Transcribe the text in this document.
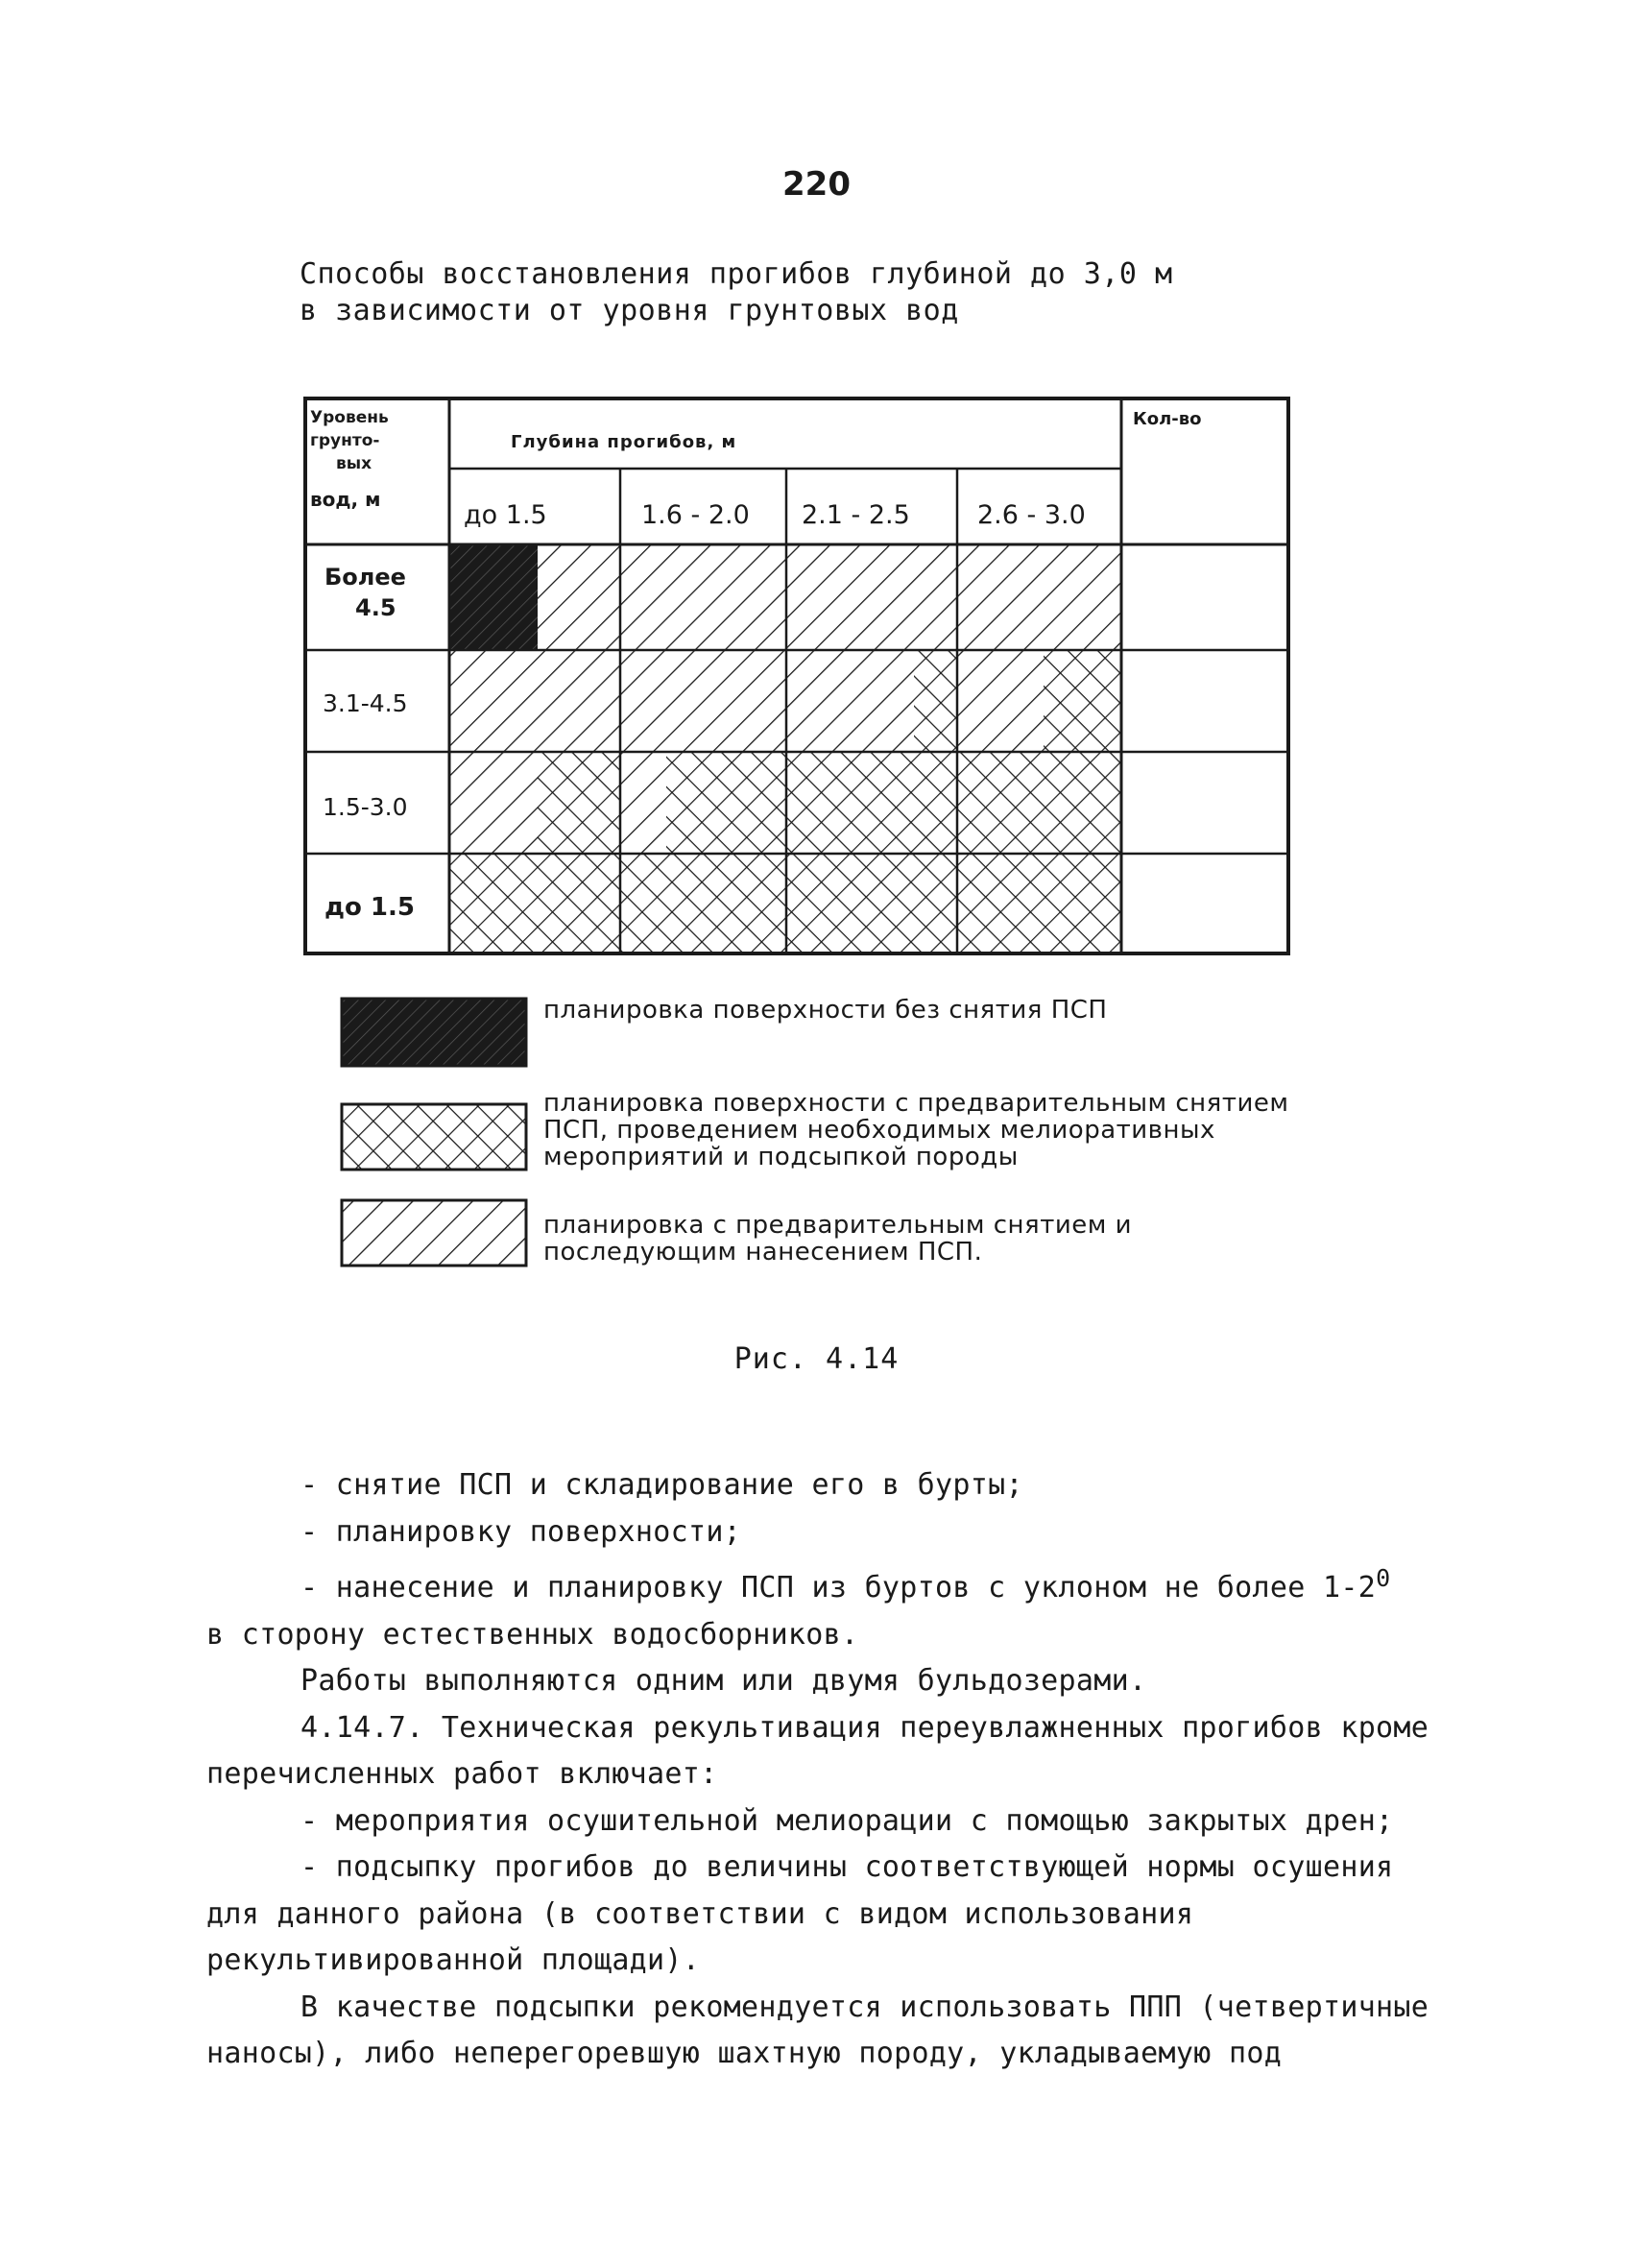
220
Способы восстановления прогибов глубиной до 3,0 м
в зависимости от уровня грунтовых вод
Уровень
грунто-
вых
вод, м
Глубина прогибов, м
Кол-во
до 1.5	1.6 - 2.0 2.1 - 2.5	2.6 - 3.0
Более
4.5
3.1-4.5
1.5-3.0
до 1.5
планировка поверхности без снятия ПСП
планировка поверхности с предварительным снятием ПСП, проведением необходимых мелиоративных мероприятий и подсыпкой породы
планировка с предварительным снятием и последующим нанесением ПСП.
Рис. 4.14

- снятие ПСП и складирование его в бурты;

- планировку поверхности;

- нанесение и планировку ПСП из буртов с уклоном не более $1-2^0$

в сторону естественных водосборников.

Работы выполняются одним или двумя бульдозерами.

4.14.7. Техническая рекультивация переувлажненных прогибов кроме перечисленных работ включает:

- мероприятия осушительной мелиорации с помощью закрытых дрен;

- подсыпку прогибов до величины соответствующей нормы осушения для данного района (в соответствии с видом использования рекультивированной площади).

В качестве подсыпки рекомендуется использовать ППП (четвертичные наносы), либо неперегоревшую шахтную породу, укладываемую под
